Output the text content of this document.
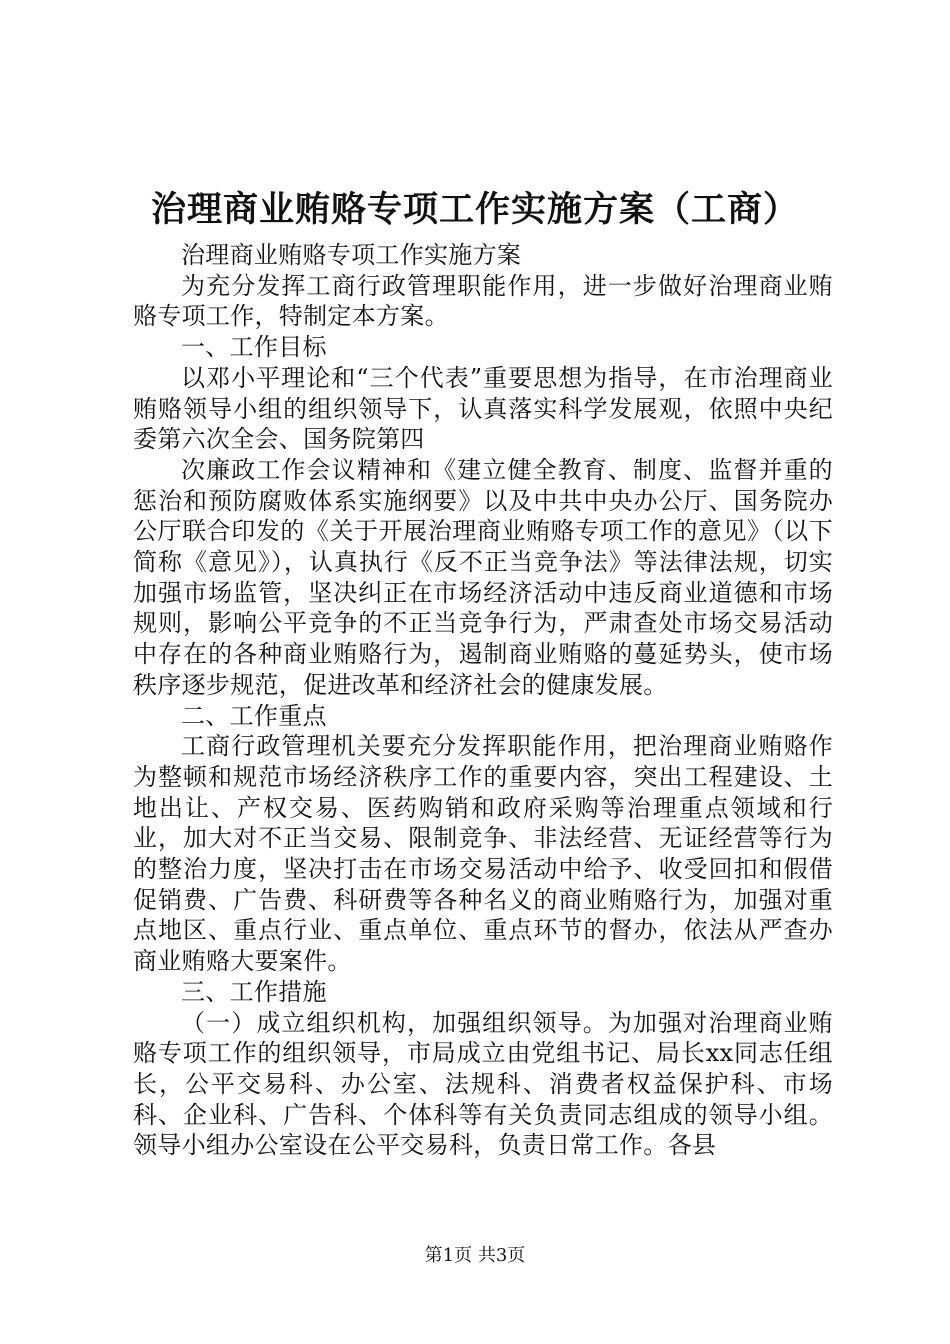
治理商业贿赂专项工作实施方案（工商）

治理商业贿赂专项工作实施方案

为充分发挥工商行政管理职能作用，进一步做好治理商业贿赂专项工作，特制定本方案。

一、工作目标

以邓小平理论和“三个代表”重要思想为指导，在市治理商业贿赂领导小组的组织领导下，认真落实科学发展观，依照中央纪委第六次全会、国务院第四

次廉政工作会议精神和《建立健全教育、制度、监督并重的惩治和预防腐败体系实施纲要》以及中共中央办公厅、国务院办公厅联合印发的《关于开展治理商业贿赂专项工作的意见》（以下简称《意见》），认真执行《反不正当竞争法》等法律法规，切实加强市场监管，坚决纠正在市场经济活动中违反商业道德和市场规则，影响公平竞争的不正当竞争行为，严肃查处市场交易活动中存在的各种商业贿赂行为，遏制商业贿赂的蔓延势头，使市场秩序逐步规范，促进改革和经济社会的健康发展。

二、工作重点

工商行政管理机关要充分发挥职能作用，把治理商业贿赂作为整顿和规范市场经济秩序工作的重要内容，突出工程建设、土地出让、产权交易、医药购销和政府采购等治理重点领域和行业，加大对不正当交易、限制竞争、非法经营、无证经营等行为的整治力度，坚决打击在市场交易活动中给予、收受回扣和假借促销费、广告费、科研费等各种名义的商业贿赂行为，加强对重点地区、重点行业、重点单位、重点环节的督办，依法从严查办商业贿赂大要案件。

三、工作措施

（一）成立组织机构，加强组织领导。为加强对治理商业贿赂专项工作的组织领导，市局成立由党组书记、局长xx同志任组长，公平交易科、办公室、法规科、消费者权益保护科、市场科、企业科、广告科、个体科等有关负责同志组成的领导小组。领导小组办公室设在公平交易科，负责日常工作。各县

第1页 共3页
